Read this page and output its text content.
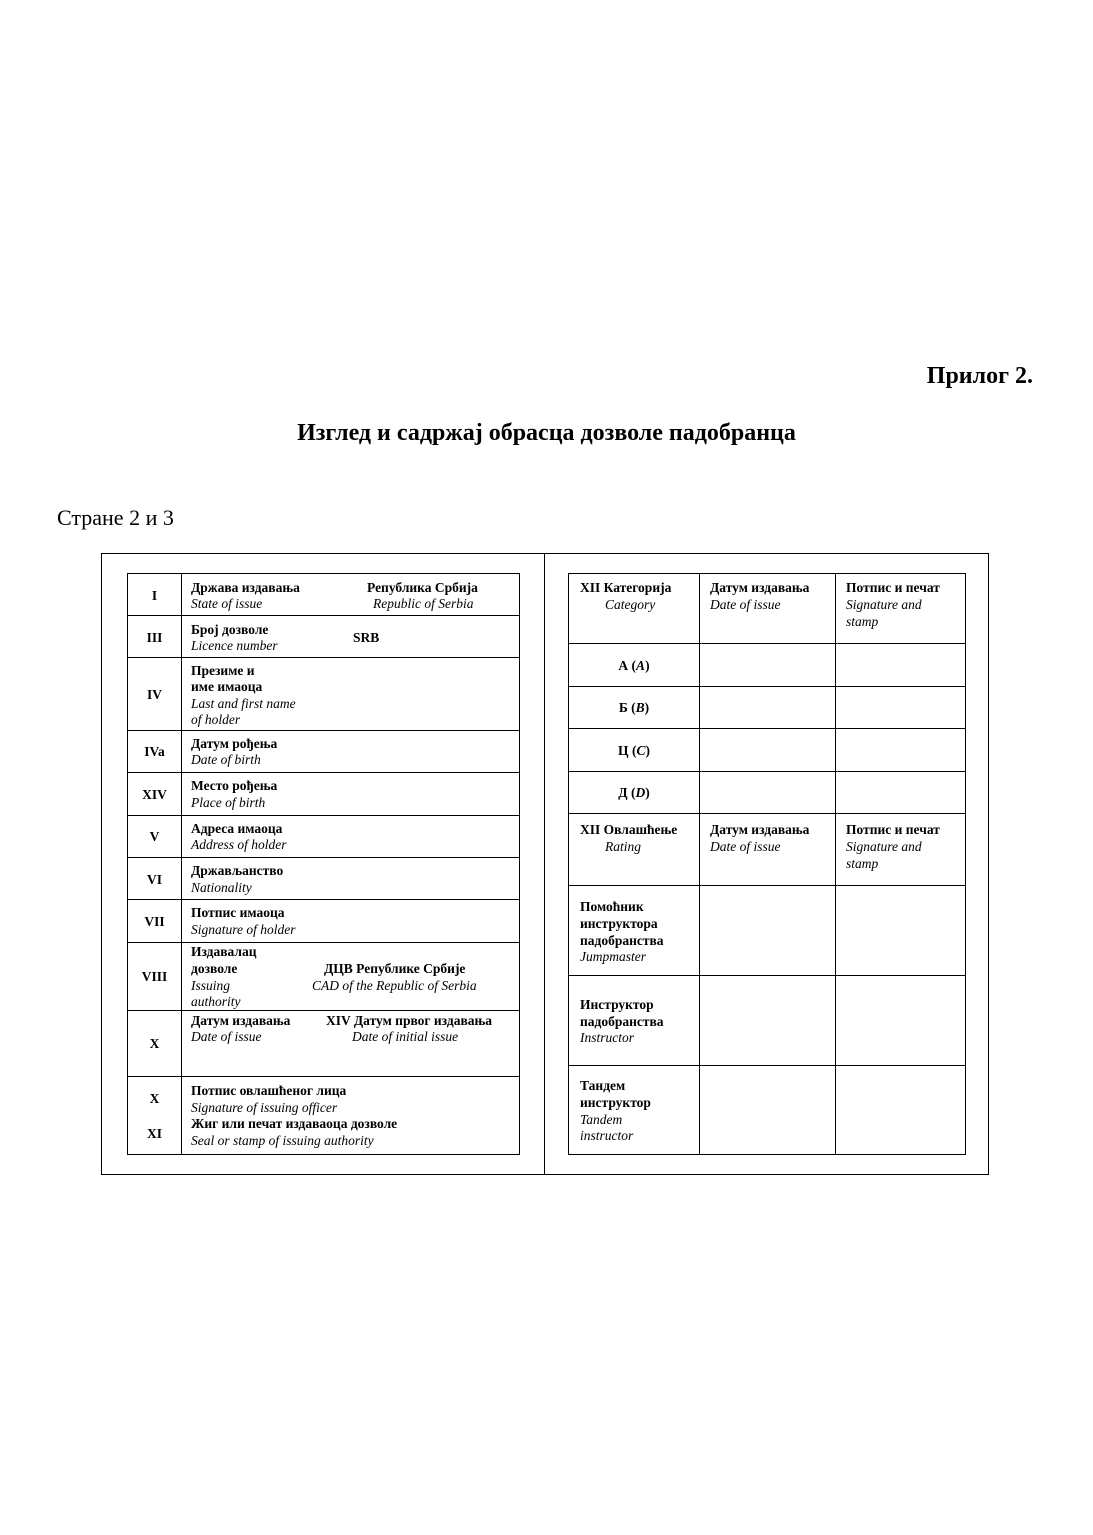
Прилог 2.
Изглед и садржај обрасца дозволе падобранца
Стране 2 и 3
I
Држава издавања
State of issue
Република Србија
Republic of Serbia
III
Број дозволе
Licence number
SRB
IV
Презиме и
име имаоца
Last and first name
of holder
IVa
Датум рођења
Date of birth
XIV
Место рођења
Place of birth
V
Адреса имаоца
Address of holder
VI
Држављанство
Nationality
VII
Потпис имаоца
Signature of holder
VIII
Издавалац
дозволе
Issuing
authority
ДЦВ Републике Србије
CAD of the Republic of Serbia
X
Датум издавања
Date of issue
XIV Датум првог издавања
Date of initial issue
X
XI
Потпис овлашћеног лица
Signature of issuing officer
Жиг или печат издаваоца дозволе
Seal or stamp of issuing authority
XII Категорија
Category
Датум издавања
Date of issue
Потпис и печат
Signature and
stamp
А (A)
Б (B)
Ц (C)
Д (D)
XII Овлашћење
Rating
Датум издавања
Date of issue
Потпис и печат
Signature and
stamp
Помоћник
инструктора
падобранства
Jumpmaster
Инструктор
падобранства
Instructor
Тандем
инструктор
Tandem
instructor
